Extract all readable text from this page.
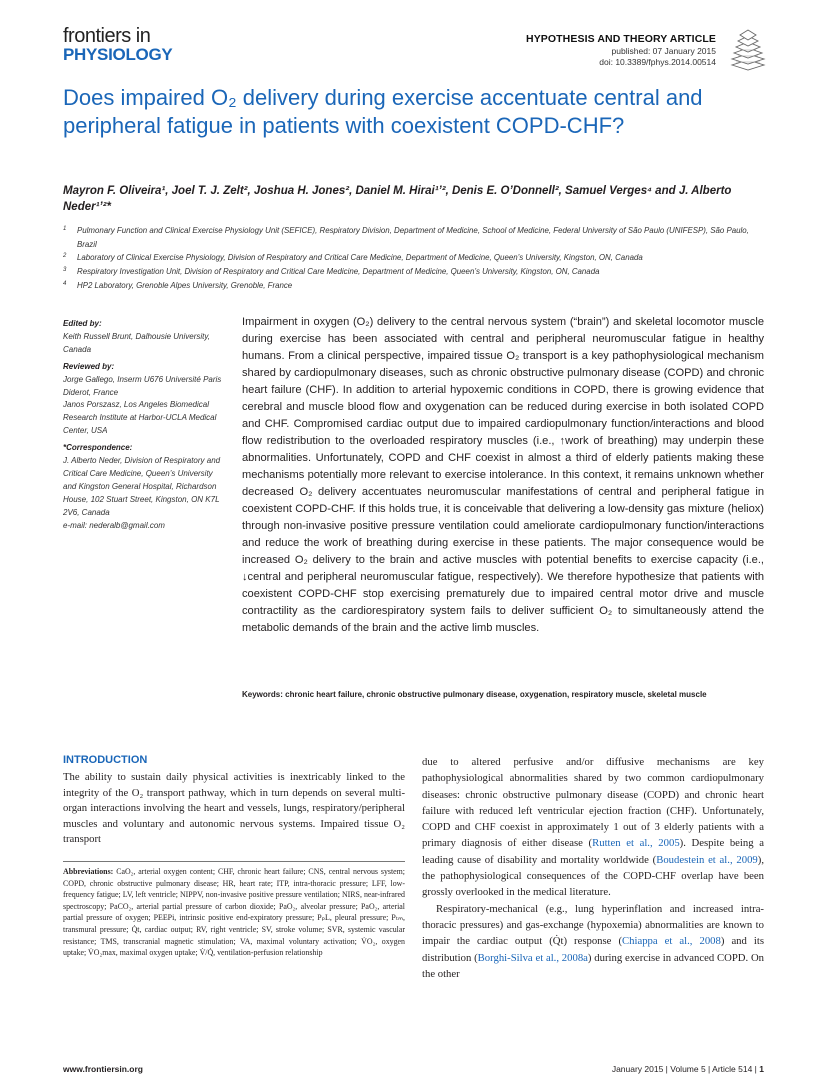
frontiers in
PHYSIOLOGY
HYPOTHESIS AND THEORY ARTICLE
published: 07 January 2015
doi: 10.3389/fphys.2014.00514
Does impaired O₂ delivery during exercise accentuate central and peripheral fatigue in patients with coexistent COPD-CHF?
Mayron F. Oliveira¹, Joel T. J. Zelt², Joshua H. Jones², Daniel M. Hirai¹ʼ², Denis E. O’Donnell², Samuel Verges⁴ and J. Alberto Neder¹ʼ²*
1 Pulmonary Function and Clinical Exercise Physiology Unit (SEFICE), Respiratory Division, Department of Medicine, School of Medicine, Federal University of São Paulo (UNIFESP), São Paulo, Brazil
2 Laboratory of Clinical Exercise Physiology, Division of Respiratory and Critical Care Medicine, Department of Medicine, Queen’s University, Kingston, ON, Canada
3 Respiratory Investigation Unit, Division of Respiratory and Critical Care Medicine, Department of Medicine, Queen’s University, Kingston, ON, Canada
4 HP2 Laboratory, Grenoble Alpes University, Grenoble, France
Edited by:
Keith Russell Brunt, Dalhousie University, Canada
Reviewed by:
Jorge Gallego, Inserm U676 Université Paris Diderot, France
Janos Porszasz, Los Angeles Biomedical Research Institute at Harbor-UCLA Medical Center, USA
*Correspondence:
J. Alberto Neder, Division of Respiratory and Critical Care Medicine, Queen’s University and Kingston General Hospital, Richardson House, 102 Stuart Street, Kingston, ON K7L 2V6, Canada
e-mail: nederalb@gmail.com
Impairment in oxygen (O₂) delivery to the central nervous system (“brain”) and skeletal locomotor muscle during exercise has been associated with central and peripheral neuromuscular fatigue in healthy humans. From a clinical perspective, impaired tissue O₂ transport is a key pathophysiological mechanism shared by cardiopulmonary diseases, such as chronic obstructive pulmonary disease (COPD) and chronic heart failure (CHF). In addition to arterial hypoxemic conditions in COPD, there is growing evidence that cerebral and muscle blood flow and oxygenation can be reduced during exercise in both isolated COPD and CHF. Compromised cardiac output due to impaired cardiopulmonary function/interactions and blood flow redistribution to the overloaded respiratory muscles (i.e., ↑work of breathing) may underpin these abnormalities. Unfortunately, COPD and CHF coexist in almost a third of elderly patients making these mechanisms potentially more relevant to exercise intolerance. In this context, it remains unknown whether decreased O₂ delivery accentuates neuromuscular manifestations of central and peripheral fatigue in coexistent COPD-CHF. If this holds true, it is conceivable that delivering a low-density gas mixture (heliox) through non-invasive positive pressure ventilation could ameliorate cardiopulmonary function/interactions and reduce the work of breathing during exercise in these patients. The major consequence would be increased O₂ delivery to the brain and active muscles with potential benefits to exercise capacity (i.e., ↓central and peripheral neuromuscular fatigue, respectively). We therefore hypothesize that patients with coexistent COPD-CHF stop exercising prematurely due to impaired central motor drive and muscle contractility as the cardiorespiratory system fails to deliver sufficient O₂ to simultaneously attend the metabolic demands of the brain and the active limb muscles.
Keywords: chronic heart failure, chronic obstructive pulmonary disease, oxygenation, respiratory muscle, skeletal muscle
INTRODUCTION
The ability to sustain daily physical activities is inextricably linked to the integrity of the O₂ transport pathway, which in turn depends on several multi-organ interactions involving the heart and vessels, lungs, respiratory/peripheral muscles and voluntary and autonomic nervous systems. Impaired tissue O₂ transport
Abbreviations: CaO₂, arterial oxygen content; CHF, chronic heart failure; CNS, central nervous system; COPD, chronic obstructive pulmonary disease; HR, heart rate; ITP, intra-thoracic pressure; LFF, low-frequency fatigue; LV, left ventricle; NIPPV, non-invasive positive pressure ventilation; NIRS, near-infrared spectroscopy; PaCO₂, arterial partial pressure of carbon dioxide; PaO₂, alveolar pressure; PaO₂, arterial partial pressure of oxygen; PEEPi, intrinsic positive end-expiratory pressure; PₚL, pleural pressure; Pₜₘ, transmural pressure; Q̇t, cardiac output; RV, right ventricle; SV, stroke volume; SVR, systemic vascular resistance; TMS, transcranial magnetic stimulation; VA, maximal voluntary activation; V̇O₂, oxygen uptake; V̇O₂max, maximal oxygen uptake; V̇/Q̇, ventilation-perfusion relationship
due to altered perfusive and/or diffusive mechanisms are key pathophysiological abnormalities shared by two common cardiopulmonary diseases: chronic obstructive pulmonary disease (COPD) and chronic heart failure with reduced left ventricular ejection fraction (CHF). Unfortunately, COPD and CHF coexist in approximately 1 out of 3 elderly patients with a primary diagnosis of either disease (Rutten et al., 2005). Despite being a leading cause of disability and mortality worldwide (Boudestein et al., 2009), the pathophysiological consequences of the COPD-CHF overlap have been grossly overlooked in the medical literature.
Respiratory-mechanical (e.g., lung hyperinflation and increased intra-thoracic pressures) and gas-exchange (hypoxemia) abnormalities are known to impair the cardiac output (Q̇t) response (Chiappa et al., 2008) and its distribution (Borghi-Silva et al., 2008a) during exercise in advanced COPD. On the other
www.frontiersin.org	January 2015 | Volume 5 | Article 514 | 1
